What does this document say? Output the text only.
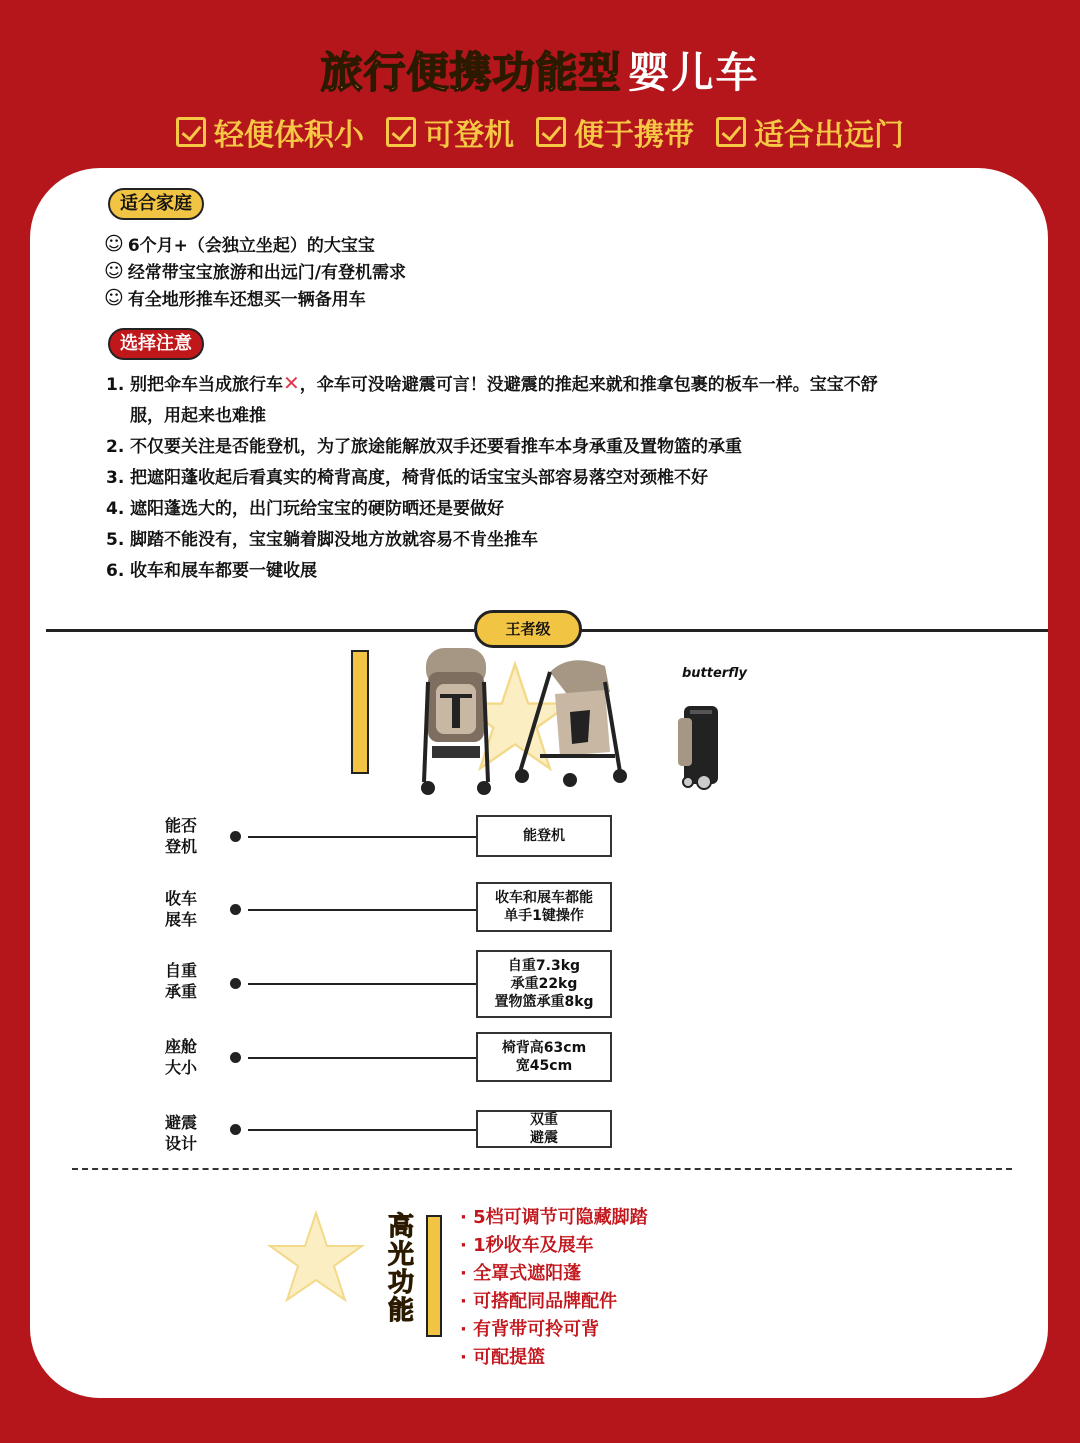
旅行便携功能型 婴儿车
轻便体积小 可登机 便于携带 适合出远门
适合家庭
☺ 6个月+（会独立坐起）的大宝宝
☺ 经常带宝宝旅游和出远门/有登机需求
☺ 有全地形推车还想买一辆备用车
选择注意
1. 别把伞车当成旅行车✕，伞车可没啥避震可言！没避震的推起来就和推拿包裹的板车一样。宝宝不舒
服，用起来也难推
2. 不仅要关注是否能登机，为了旅途能解放双手还要看推车本身承重及置物篮的承重
3. 把遮阳蓬收起后看真实的椅背高度，椅背低的话宝宝头部容易落空对颈椎不好
4. 遮阳蓬选大的，出门玩给宝宝的硬防晒还是要做好
5. 脚踏不能没有，宝宝躺着脚没地方放就容易不肯坐推车
6. 收车和展车都要一键收展
王者级
butterfly
能否
登机
能登机
收车
展车
收车和展车都能
单手1键操作
自重
承重
自重7.3kg
承重22kg
置物篮承重8kg
座舱
大小
椅背高63cm
宽45cm
避震
设计
双重
避震
高
光
功
能
· 5档可调节可隐藏脚踏
· 1秒收车及展车
· 全罩式遮阳蓬
· 可搭配同品牌配件
· 有背带可拎可背
· 可配提篮
